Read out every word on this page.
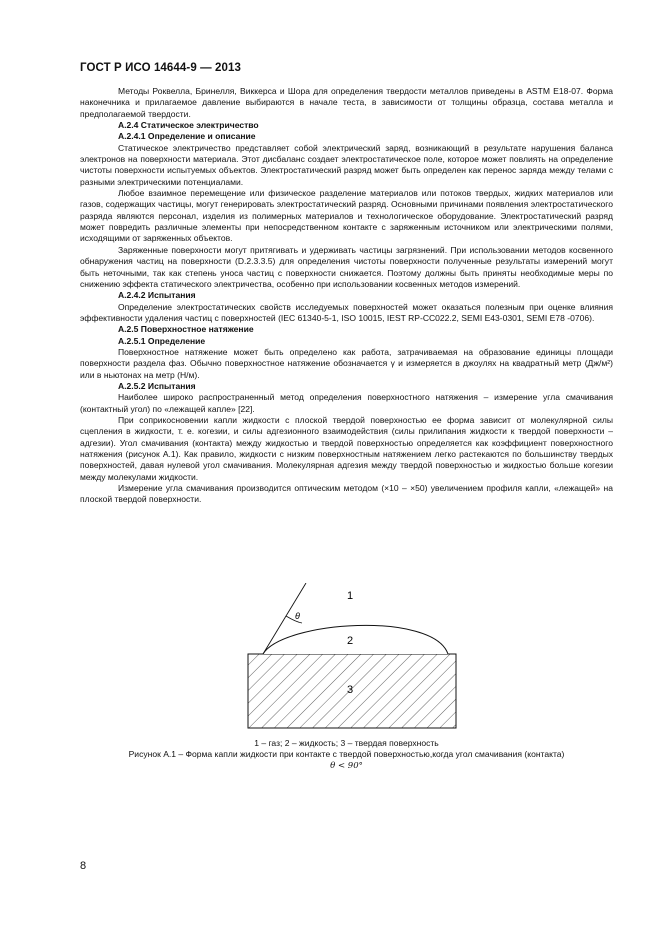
ГОСТ Р ИСО 14644-9 — 2013
Методы Роквелла, Бринелля, Виккерса и Шора для определения твердости металлов приведены в ASTM E18-07. Форма наконечника и прилагаемое давление выбираются в начале теста, в зависимости от толщины образца, состава металла и предполагаемой твердости.
А.2.4 Статическое электричество
А.2.4.1 Определение и описание
Статическое электричество представляет собой электрический заряд, возникающий в результате нарушения баланса электронов на поверхности материала. Этот дисбаланс создает электростатическое поле, которое может повлиять на определение чистоты поверхности испытуемых объектов. Электростатический разряд может быть определен как перенос заряда между телами с разными электрическими потенциалами.
Любое взаимное перемещение или физическое разделение материалов или потоков твердых, жидких материалов или газов, содержащих частицы, могут генерировать электростатический разряд. Основными причинами появления электростатического разряда являются персонал, изделия из полимерных материалов и технологическое оборудование. Электростатический разряд может повредить различные элементы при непосредственном контакте с заряженным источником или электрическими полями, исходящими от заряженных объектов.
Заряженные поверхности могут притягивать и удерживать частицы загрязнений. При использовании методов косвенного обнаружения частиц на поверхности (D.2.3.3.5) для определения чистоты поверхности полученные результаты измерений могут быть неточными, так как степень уноса частиц с поверхности снижается. Поэтому должны быть приняты необходимые меры по снижению эффекта статического электричества, особенно при использовании косвенных методов измерений.
А.2.4.2 Испытания
Определение электростатических свойств исследуемых поверхностей может оказаться полезным при оценке влияния эффективности удаления частиц с поверхностей (IEC 61340-5-1, ISO 10015, IEST RP-CC022.2, SEMI E43-0301, SEMI E78 -0706).
А.2.5 Поверхностное натяжение
А.2.5.1 Определение
Поверхностное натяжение может быть определено как работа, затрачиваемая на образование единицы площади поверхности раздела фаз. Обычно поверхностное натяжение обозначается γ и измеряется в джоулях на квадратный метр (Дж/м²) или в ньютонах на метр (Н/м).
А.2.5.2 Испытания
Наиболее широко распространенный метод определения поверхностного натяжения – измерение угла смачивания (контактный угол) по «лежащей капле» [22].
При соприкосновении капли жидкости с плоской твердой поверхностью ее форма зависит от молекулярной силы сцепления в жидкости, т. е. когезии, и силы адгезионного взаимодействия (силы прилипания жидкости к твердой поверхности – адгезии). Угол смачивания (контакта) между жидкостью и твердой поверхностью определяется как коэффициент поверхностного натяжения (рисунок А.1). Как правило, жидкости с низким поверхностным натяжением легко растекаются по большинству твердых поверхностей, давая нулевой угол смачивания. Молекулярная адгезия между твердой поверхностью и жидкостью больше когезии между молекулами жидкости.
Измерение угла смачивания производится оптическим методом (×10 – ×50) увеличением профиля капли, «лежащей» на плоской твердой поверхности.
θ
1
2
3
1 – газ; 2 – жидкость; 3 – твердая поверхность
Рисунок А.1 – Форма капли жидкости при контакте с твердой поверхностью,когда угол смачивания (контакта)
θ < 90°
8
